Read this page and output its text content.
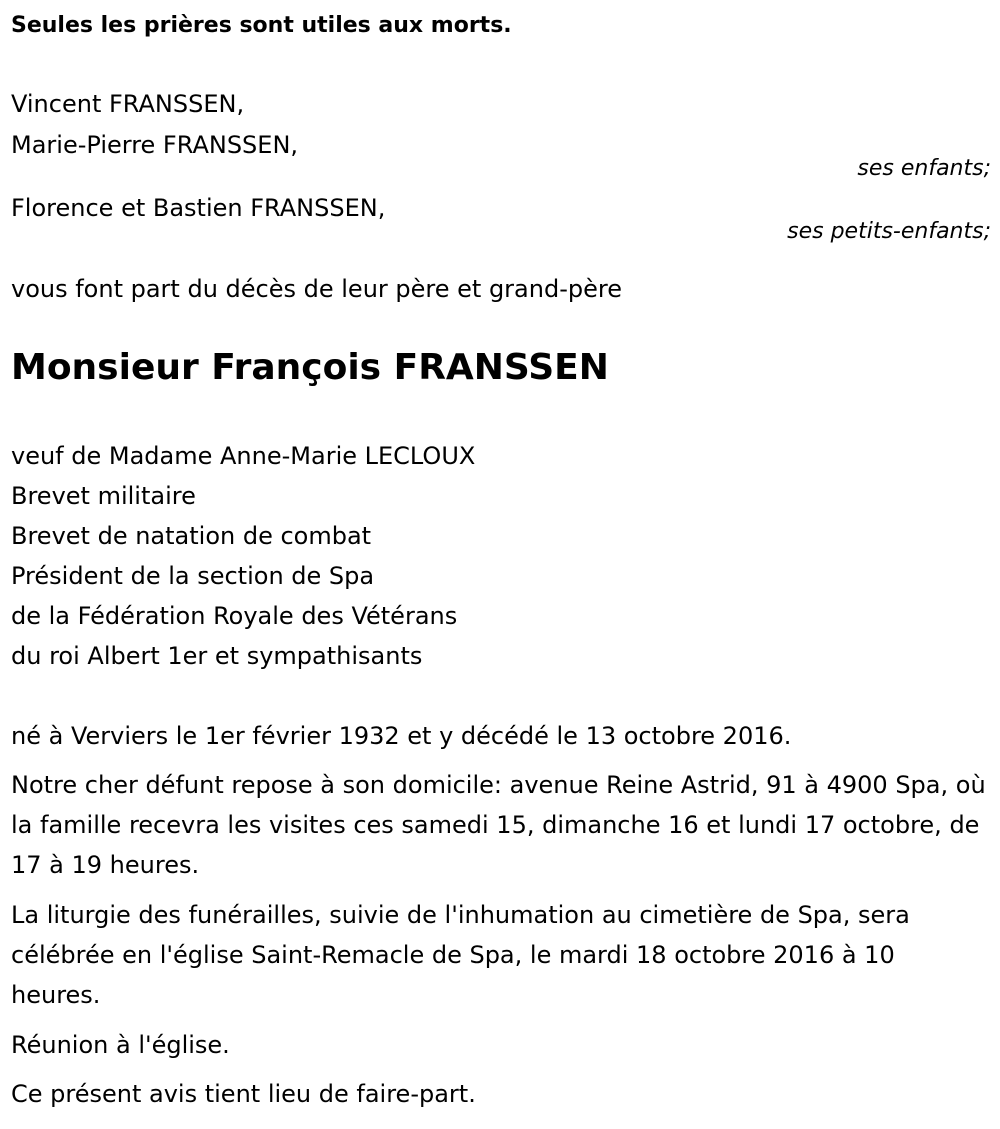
Seules les prières sont utiles aux morts.
Vincent FRANSSEN,
Marie-Pierre FRANSSEN,
ses enfants;
Florence et Bastien FRANSSEN,
ses petits-enfants;
vous font part du décès de leur père et grand-père
Monsieur François FRANSSEN
veuf de Madame Anne-Marie LECLOUX
Brevet militaire
Brevet de natation de combat
Président de la section de Spa
de la Fédération Royale des Vétérans
du roi Albert 1er et sympathisants
né à Verviers le 1er février 1932 et y décédé le 13 octobre 2016.
Notre cher défunt repose à son domicile: avenue Reine Astrid, 91 à 4900 Spa, où la famille recevra les visites ces samedi 15, dimanche 16 et lundi 17 octobre, de 17 à 19 heures.
La liturgie des funérailles, suivie de l'inhumation au cimetière de Spa, sera célébrée en l'église Saint-Remacle de Spa, le mardi 18 octobre 2016 à 10 heures.
Réunion à l'église.
Ce présent avis tient lieu de faire-part.
